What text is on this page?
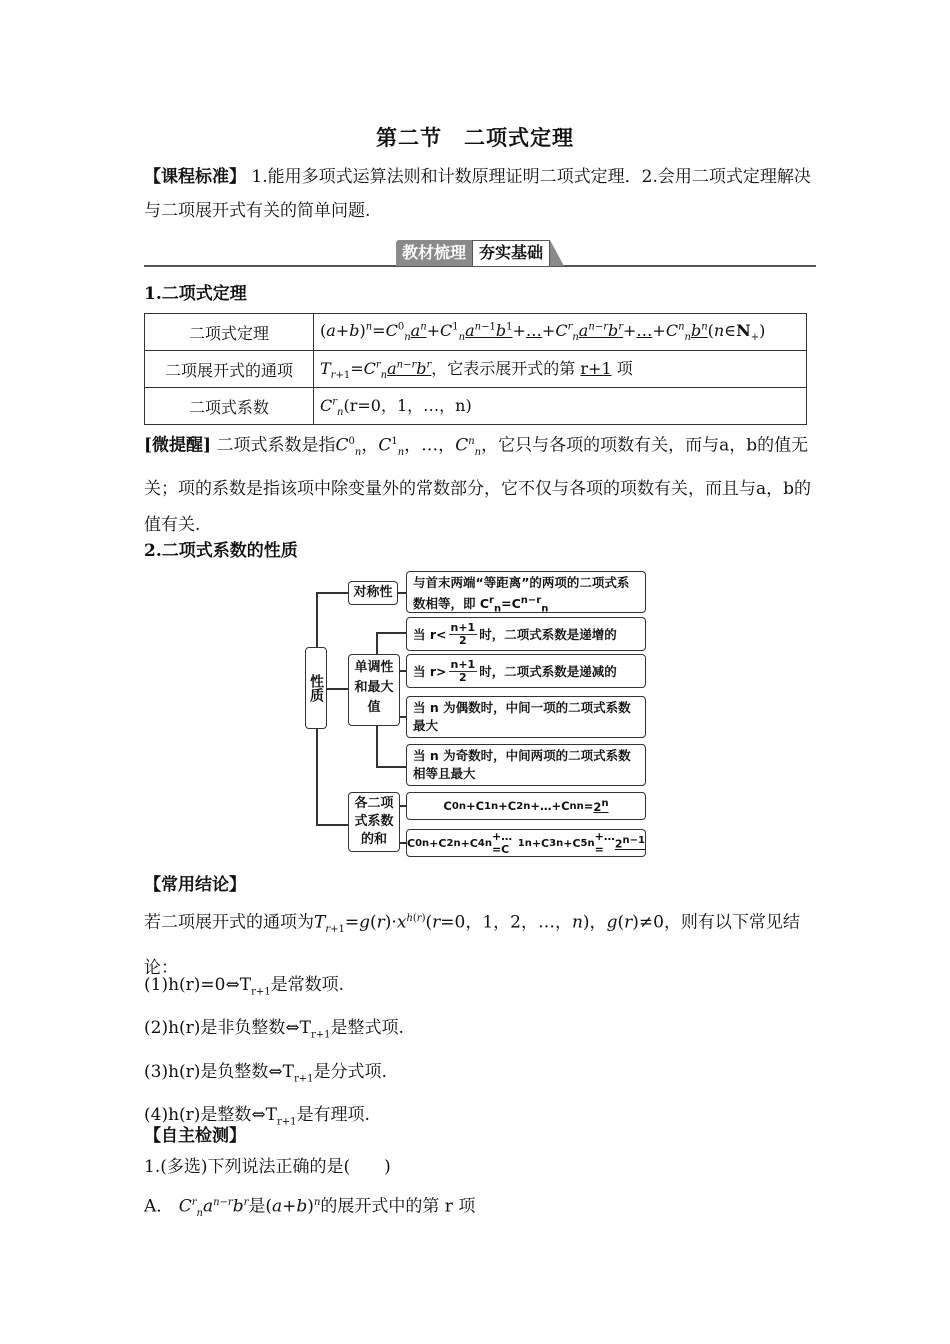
第二节　二项式定理
【课程标准】 1.能用多项式运算法则和计数原理证明二项式定理．2.会用二项式定理解决与二项展开式有关的简单问题.
教材梳理 夯实基础
1.二项式定理
二项式定理	$(a+b)^n=C^0_na^n+C^1_na^{n-1}b^1+\dots+C^r_na^{n-r}b^r+\dots+C^n_nb^n(n\in N_+)$
二项展开式的通项	$T_{r+1}=C^r_na^{n-r}b^r$，它表示展开式的第 r+1 项
二项式系数	$C^r_n(r=0$，1，…，n)
[微提醒] 二项式系数是指$C^0_n$，$C^1_n$，…，$C^n_n$，它只与各项的项数有关，而与a，b的值无关；项的系数是指该项中除变量外的常数部分，它不仅与各项的项数有关，而且与a，b的值有关.
2.二项式系数的性质
性质
对称性
与首末两端“等距离”的两项的二项式系数相等，即 $C^r_n=C^{n-r}_n$
单调性和最大值
当 $r< \frac{n+1}{2}$ 时，二项式系数是递增的
当 $r> \frac{n+1}{2}$ 时，二项式系数是递减的
当 n 为偶数时，中间一项的二项式系数最大
当 n 为奇数时，中间两项的二项式系数相等且最大
各二项式系数的和
C 0 n +C 1 n +C 2 n +…+C n $n = 2^n$
C 0 n +C 2 n +C 4 n +…=C 1 n +C 3 n +C 5 n +…= $2^{n-1}$
【常用结论】
若二项展开式的通项为$T_{r+1}=g(r)\cdot x^{h(r)}(r=0$，1，2，…，n)，g(r)≠0，则有以下常见结论：
$(1)h(r)=0\Leftrightarrow T_{r+1}$是常数项.
(2)h(r)是非负整数$\Leftrightarrow T_{r+1}$是整式项.
(3)h(r)是负整数$\Leftrightarrow T_{r+1}$是分式项.
(4)h(r)是整数$\Leftrightarrow T_{r+1}$是有理项.
【自主检测】
1.(多选)下列说法正确的是(　　)
A． $C^r_na^{n-r}b^r$是$(a+b)^n$的展开式中的第 r 项
